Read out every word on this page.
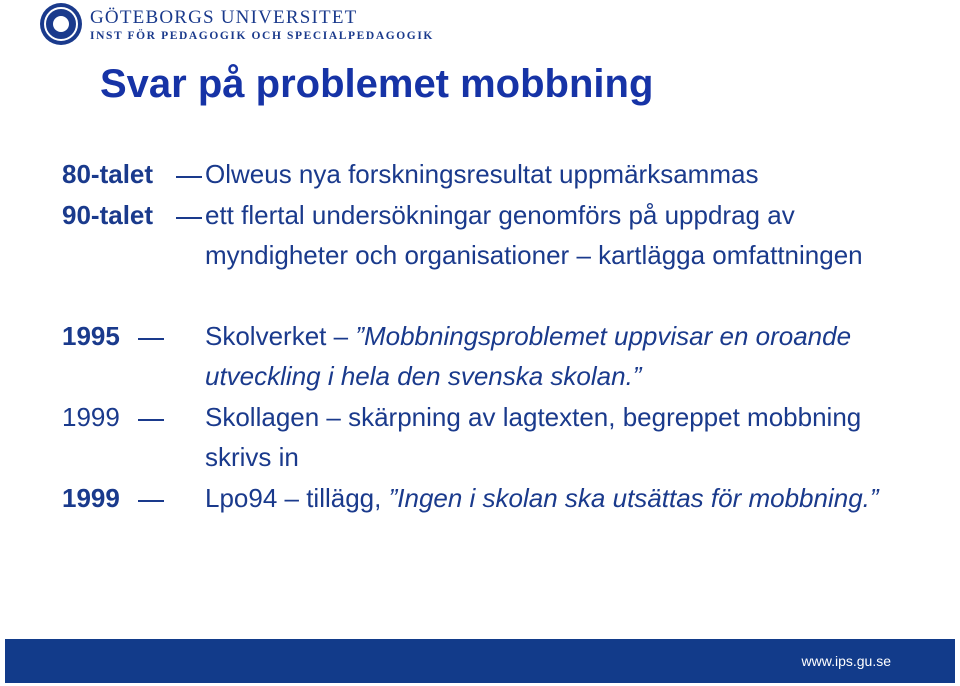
GÖTEBORGS UNIVERSITET
INST FÖR PEDAGOGIK OCH SPECIALPEDAGOGIK
Svar på problemet mobbning
80-talet Olweus nya forskningsresultat uppmärksammas
90-talet ett flertal undersökningar genomförs på uppdrag av myndigheter och organisationer – kartlägga omfattningen
1995	Skolverket – ”Mobbningsproblemet uppvisar en oroande utveckling i hela den svenska skolan.”
1999	Skollagen – skärpning av lagtexten, begreppet mobbning skrivs in
1999	Lpo94 – tillägg, ”Ingen i skolan ska utsättas för mobbning.”
www.ips.gu.se
